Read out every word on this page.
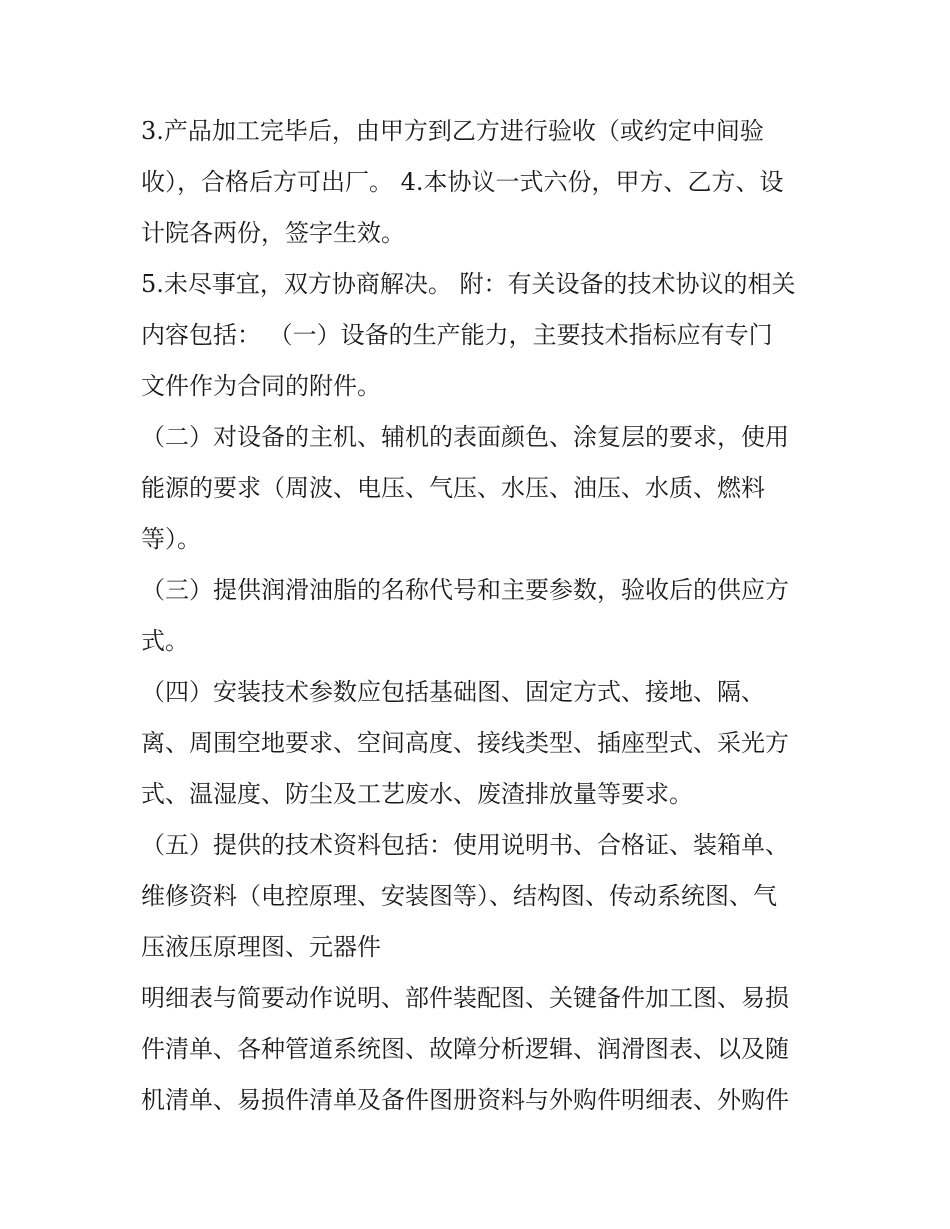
3.产品加工完毕后，由甲方到乙方进行验收（或约定中间验
收），合格后方可出厂。 4.本协议一式六份，甲方、乙方、设
计院各两份，签字生效。
5.未尽事宜，双方协商解决。 附：有关设备的技术协议的相关
内容包括： （一）设备的生产能力，主要技术指标应有专门
文件作为合同的附件。
（二）对设备的主机、辅机的表面颜色、涂复层的要求，使用
能源的要求（周波、电压、气压、水压、油压、水质、燃料
等）。
（三）提供润滑油脂的名称代号和主要参数，验收后的供应方
式。
（四）安装技术参数应包括基础图、固定方式、接地、隔、
离、周围空地要求、空间高度、接线类型、插座型式、采光方
式、温湿度、防尘及工艺废水、废渣排放量等要求。
（五）提供的技术资料包括：使用说明书、合格证、装箱单、
维修资料（电控原理、安装图等）、结构图、传动系统图、气
压液压原理图、元器件
明细表与简要动作说明、部件装配图、关键备件加工图、易损
件清单、各种管道系统图、故障分析逻辑、润滑图表、以及随
机清单、易损件清单及备件图册资料与外购件明细表、外购件
